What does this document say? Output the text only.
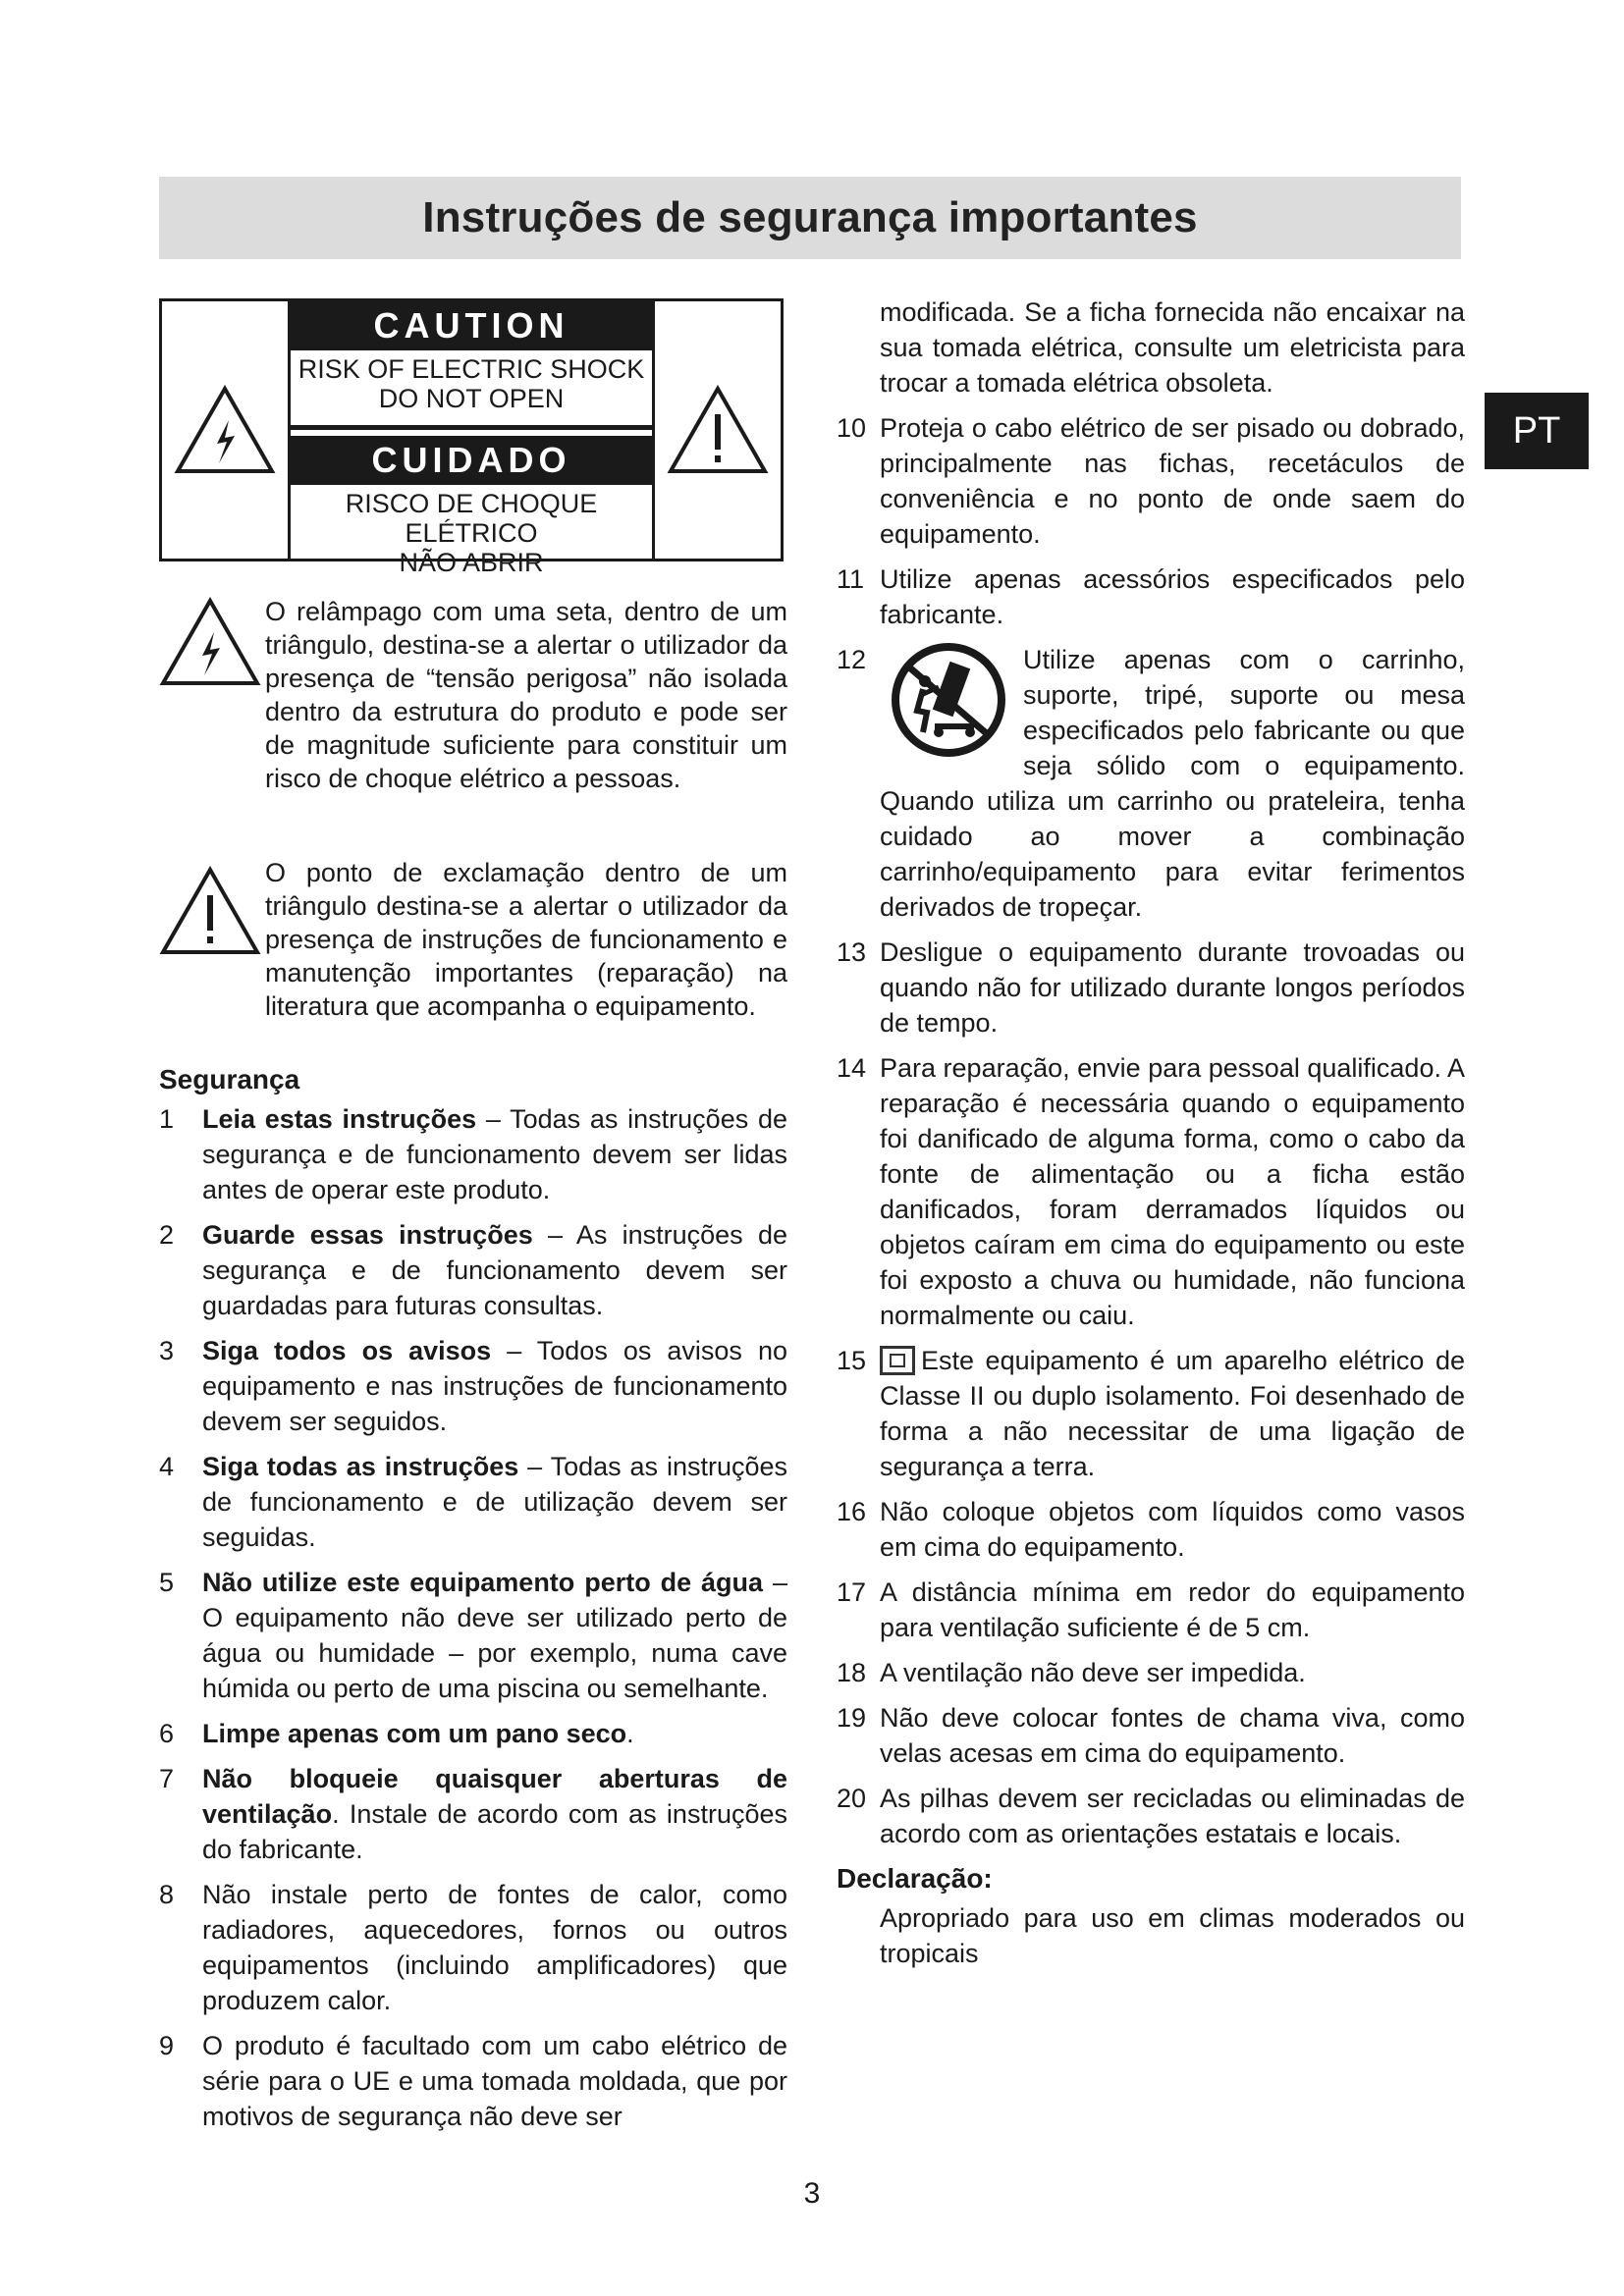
Instruções de segurança importantes
PT
CAUTION
RISK OF ELECTRIC SHOCK
DO NOT OPEN
CUIDADO
RISCO DE CHOQUE ELÉTRICO
NÃO ABRIR
O relâmpago com uma seta, dentro de um triângulo, destina-se a alertar o utilizador da presença de “tensão perigosa” não isolada dentro da estrutura do produto e pode ser de magnitude suficiente para constituir um risco de choque elétrico a pessoas.
O ponto de exclamação dentro de um triângulo destina-se a alertar o utilizador da presença de instruções de funcionamento e manutenção importantes (reparação) na literatura que acompanha o equipamento.
Segurança
1 Leia estas instruções – Todas as instruções de segurança e de funcionamento devem ser lidas antes de operar este produto.
2 Guarde essas instruções – As instruções de segurança e de funcionamento devem ser guardadas para futuras consultas.
3 Siga todos os avisos – Todos os avisos no equipamento e nas instruções de funcionamento devem ser seguidos.
4 Siga todas as instruções – Todas as instruções de funcionamento e de utilização devem ser seguidas.
5 Não utilize este equipamento perto de água – O equipamento não deve ser utilizado perto de água ou humidade – por exemplo, numa cave húmida ou perto de uma piscina ou semelhante.
6 Limpe apenas com um pano seco.
7 Não bloqueie quaisquer aberturas de ventilação. Instale de acordo com as instruções do fabricante.
8 Não instale perto de fontes de calor, como radiadores, aquecedores, fornos ou outros equipamentos (incluindo amplificadores) que produzem calor.
9 O produto é facultado com um cabo elétrico de série para o UE e uma tomada moldada, que por motivos de segurança não deve ser
modificada. Se a ficha fornecida não encaixar na sua tomada elétrica, consulte um eletricista para trocar a tomada elétrica obsoleta.
10 Proteja o cabo elétrico de ser pisado ou dobrado, principalmente nas fichas, recetáculos de conveniência e no ponto de onde saem do equipamento.
11 Utilize apenas acessórios especificados pelo fabricante.
12	Utilize apenas com o carrinho, suporte, tripé, suporte ou mesa especificados pelo fabricante ou que seja sólido com o equipamento. Quando utiliza um carrinho ou prateleira, tenha cuidado ao mover a combinação carrinho/equipamento para evitar ferimentos derivados de tropeçar.
13 Desligue o equipamento durante trovoadas ou quando não for utilizado durante longos períodos de tempo.
14 Para reparação, envie para pessoal qualificado. A reparação é necessária quando o equipamento foi danificado de alguma forma, como o cabo da fonte de alimentação ou a ficha estão danificados, foram derramados líquidos ou objetos caíram em cima do equipamento ou este foi exposto a chuva ou humidade, não funciona normalmente ou caiu.
15 Este equipamento é um aparelho elétrico de Classe II ou duplo isolamento. Foi desenhado de forma a não necessitar de uma ligação de segurança a terra.
16 Não coloque objetos com líquidos como vasos em cima do equipamento.
17 A distância mínima em redor do equipamento para ventilação suficiente é de 5 cm.
18 A ventilação não deve ser impedida.
19 Não deve colocar fontes de chama viva, como velas acesas em cima do equipamento.
20 As pilhas devem ser recicladas ou eliminadas de acordo com as orientações estatais e locais.
Declaração:
Apropriado para uso em climas moderados ou tropicais
3
